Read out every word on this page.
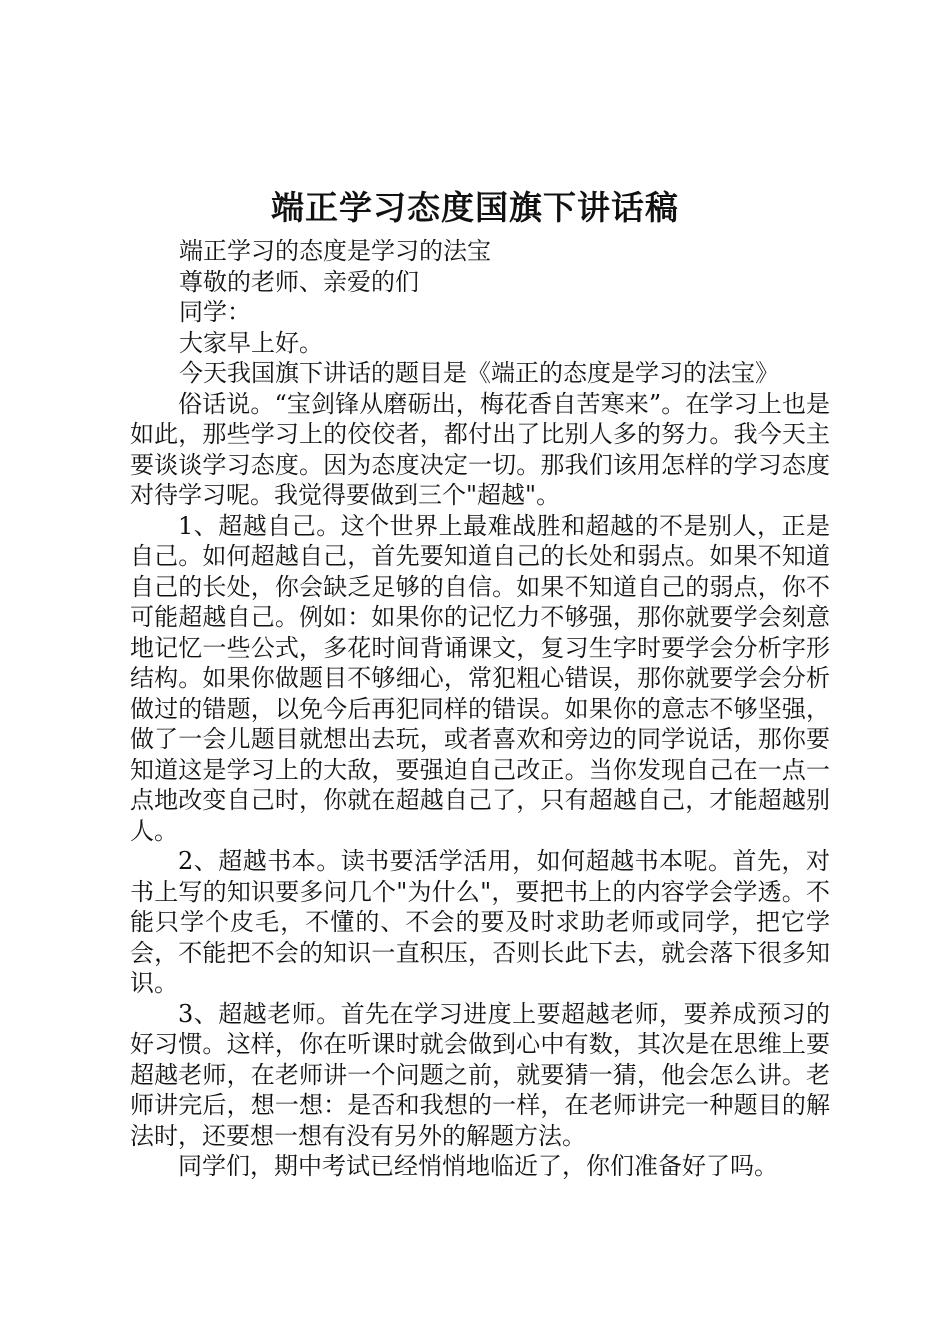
端正学习态度国旗下讲话稿

端正学习的态度是学习的法宝

尊敬的老师、亲爱的们

同学：

大家早上好。

今天我国旗下讲话的题目是《端正的态度是学习的法宝》

俗话说。“宝剑锋从磨砺出，梅花香自苦寒来”。在学习上也是如此，那些学习上的佼佼者，都付出了比别人多的努力。我今天主要谈谈学习态度。因为态度决定一切。那我们该用怎样的学习态度对待学习呢。我觉得要做到三个"超越"。

1、超越自己。这个世界上最难战胜和超越的不是别人，正是自己。如何超越自己，首先要知道自己的长处和弱点。如果不知道自己的长处，你会缺乏足够的自信。如果不知道自己的弱点，你不可能超越自己。例如：如果你的记忆力不够强，那你就要学会刻意地记忆一些公式，多花时间背诵课文，复习生字时要学会分析字形结构。如果你做题目不够细心，常犯粗心错误，那你就要学会分析做过的错题，以免今后再犯同样的错误。如果你的意志不够坚强，做了一会儿题目就想出去玩，或者喜欢和旁边的同学说话，那你要知道这是学习上的大敌，要强迫自己改正。当你发现自己在一点一点地改变自己时，你就在超越自己了，只有超越自己，才能超越别人。

2、超越书本。读书要活学活用，如何超越书本呢。首先，对书上写的知识要多问几个"为什么"，要把书上的内容学会学透。不能只学个皮毛，不懂的、不会的要及时求助老师或同学，把它学会，不能把不会的知识一直积压，否则长此下去，就会落下很多知识。

3、超越老师。首先在学习进度上要超越老师，要养成预习的好习惯。这样，你在听课时就会做到心中有数，其次是在思维上要超越老师，在老师讲一个问题之前，就要猜一猜，他会怎么讲。老师讲完后，想一想：是否和我想的一样，在老师讲完一种题目的解法时，还要想一想有没有另外的解题方法。

同学们，期中考试已经悄悄地临近了，你们准备好了吗。
